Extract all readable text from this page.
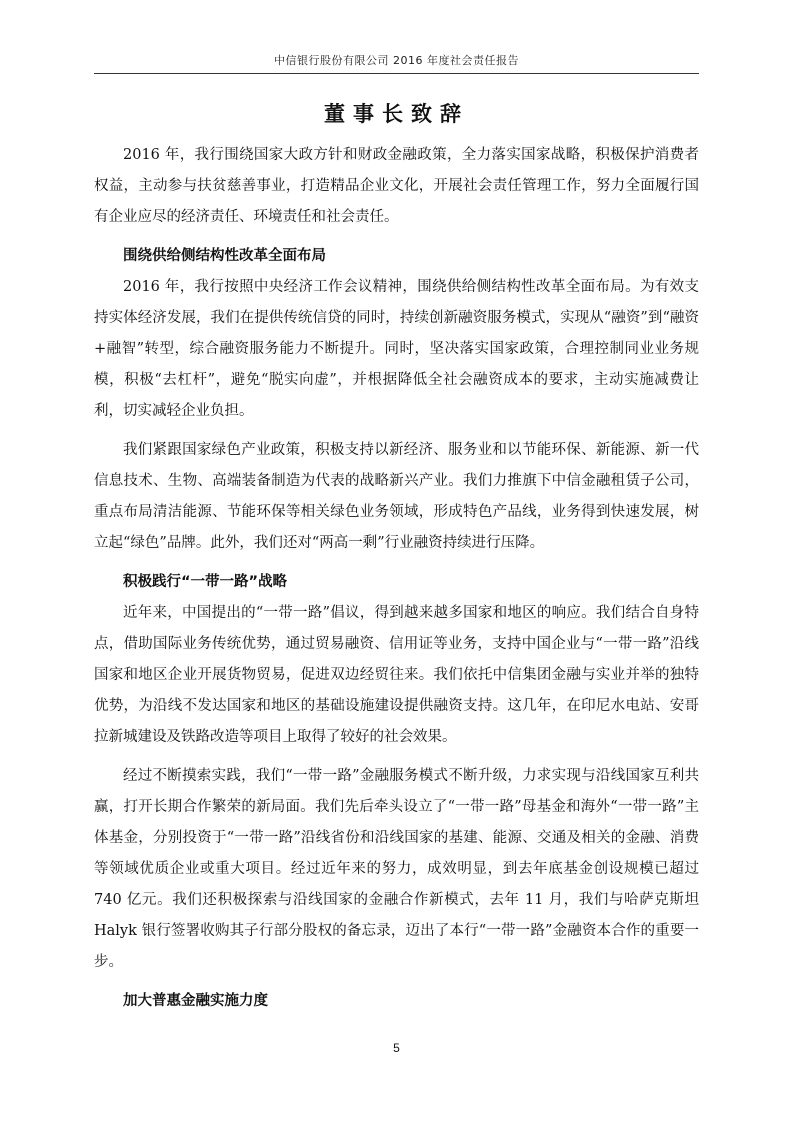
中信银行股份有限公司 2016 年度社会责任报告
董事长致辞

2016 年，我行围绕国家大政方针和财政金融政策，全力落实国家战略，积极保护消费者权益，主动参与扶贫慈善事业，打造精品企业文化，开展社会责任管理工作，努力全面履行国有企业应尽的经济责任、环境责任和社会责任。

围绕供给侧结构性改革全面布局

2016 年，我行按照中央经济工作会议精神，围绕供给侧结构性改革全面布局。为有效支持实体经济发展，我们在提供传统信贷的同时，持续创新融资服务模式，实现从“融资”到“融资+融智”转型，综合融资服务能力不断提升。同时，坚决落实国家政策，合理控制同业业务规模，积极“去杠杆”，避免“脱实向虚”，并根据降低全社会融资成本的要求，主动实施减费让利，切实减轻企业负担。

我们紧跟国家绿色产业政策，积极支持以新经济、服务业和以节能环保、新能源、新一代信息技术、生物、高端装备制造为代表的战略新兴产业。我们力推旗下中信金融租赁子公司，重点布局清洁能源、节能环保等相关绿色业务领域，形成特色产品线，业务得到快速发展，树立起“绿色”品牌。此外，我们还对“两高一剩”行业融资持续进行压降。

积极践行“一带一路”战略

近年来，中国提出的“一带一路”倡议，得到越来越多国家和地区的响应。我们结合自身特点，借助国际业务传统优势，通过贸易融资、信用证等业务，支持中国企业与“一带一路”沿线国家和地区企业开展货物贸易，促进双边经贸往来。我们依托中信集团金融与实业并举的独特优势，为沿线不发达国家和地区的基础设施建设提供融资支持。这几年，在印尼水电站、安哥拉新城建设及铁路改造等项目上取得了较好的社会效果。

经过不断摸索实践，我们“一带一路”金融服务模式不断升级，力求实现与沿线国家互利共赢，打开长期合作繁荣的新局面。我们先后牵头设立了“一带一路”母基金和海外“一带一路”主体基金，分别投资于“一带一路”沿线省份和沿线国家的基建、能源、交通及相关的金融、消费等领域优质企业或重大项目。经过近年来的努力，成效明显，到去年底基金创设规模已超过 740 亿元。我们还积极探索与沿线国家的金融合作新模式，去年 11 月，我们与哈萨克斯坦 Halyk 银行签署收购其子行部分股权的备忘录，迈出了本行“一带一路”金融资本合作的重要一步。

加大普惠金融实施力度
5
